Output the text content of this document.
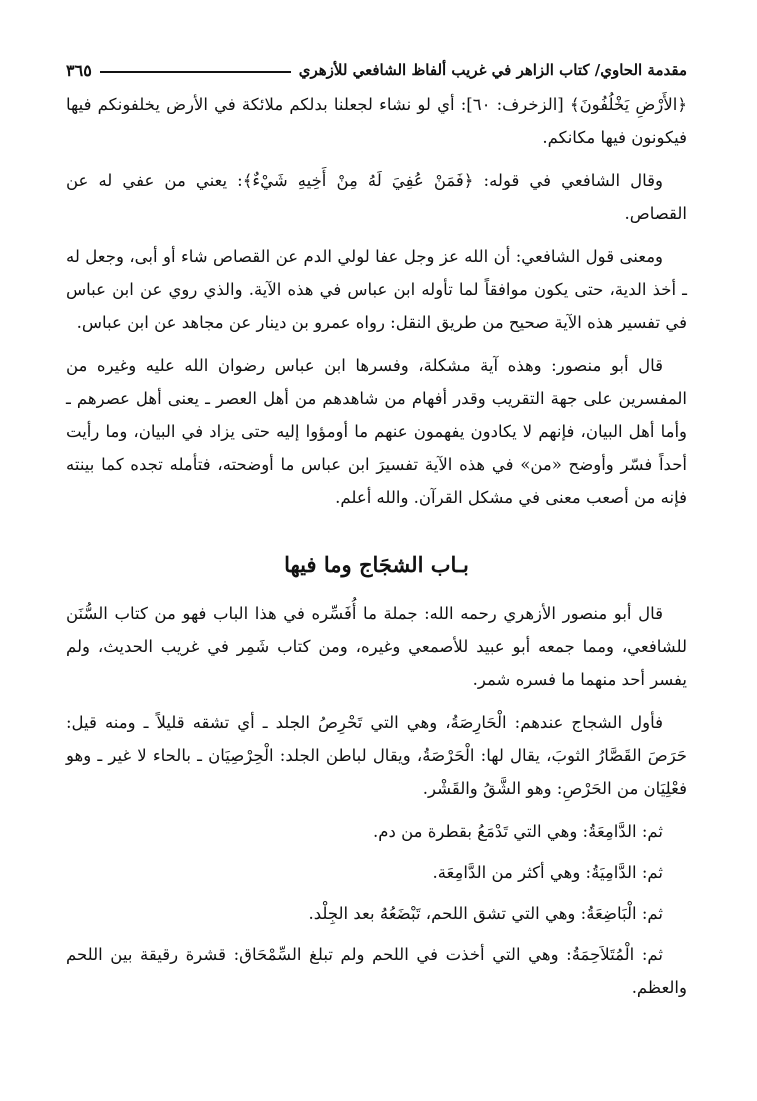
مقدمة الحاوي/ كتاب الزاهر في غريب ألفاظ الشافعي للأزهري
٣٦٥

﴿الأَرْضِ يَخْلُفُونَ﴾ [الزخرف: ٦٠]: أي لو نشاء لجعلنا بدلكم ملائكة في الأرض يخلفونكم فيها فيكونون فيها مكانكم.

وقال الشافعي في قوله: ﴿فَمَنْ عُفِيَ لَهُ مِنْ أَخِيهِ شَيْءٌ﴾: يعني من عفي له عن القصاص.

ومعنى قول الشافعي: أن الله عز وجل عفا لولي الدم عن القصاص شاء أو أبى، وجعل له ـ أخذ الدية، حتى يكون موافقاً لما تأوله ابن عباس في هذه الآية. والذي روي عن ابن عباس في تفسير هذه الآية صحيح من طريق النقل: رواه عمرو بن دينار عن مجاهد عن ابن عباس.

قال أبو منصور: وهذه آية مشكلة، وفسرها ابن عباس رضوان الله عليه وغيره من المفسرين على جهة التقريب وقدر أفهام من شاهدهم من أهل العصر ـ يعنى أهل عصرهم ـ وأما أهل البيان، فإنهم لا يكادون يفهمون عنهم ما أومؤوا إليه حتى يزاد في البيان، وما رأيت أحداً فسّر وأوضح «من» في هذه الآية تفسيرَ ابن عباس ما أوضحته، فتأمله تجده كما بينته فإنه من أصعب معنى في مشكل القرآن. والله أعلم.

بـاب الشجَاج وما فيها

قال أبو منصور الأزهري رحمه الله: جملة ما أُفَسِّره في هذا الباب فهو من كتاب السُّنَن للشافعي، ومما جمعه أبو عبيد للأصمعي وغيره، ومن كتاب شَمِر في غريب الحديث، ولم يفسر أحد منهما ما فسره شمر.

فأول الشجاج عندهم: الْحَارِصَةُ، وهي التي تَحْرِصُ الجلد ـ أي تشقه قليلاً ـ ومنه قيل: حَرَصَ القَصَّارُ الثوبَ، يقال لها: الْحَرْصَةُ، ويقال لباطن الجلد: الْحِرْصِيَان ـ بالحاء لا غير ـ وهو فعْلِيَان من الحَرْصِ: وهو الشَّقُ والقَشْر.

ثم: الدَّامِعَةُ: وهي التي تَدْمَعُ بقطرة من دم.

ثم: الدَّامِيَةُ: وهي أكثر من الدَّامِعَة.

ثم: الْبَاضِعَةُ: وهي التي تشق اللحم، تَبْضَعُهُ بعد الجِلْد.

ثم: الْمُتَلاَحِمَةُ: وهي التي أخذت في اللحم ولم تبلغ السِّمْحَاق: قشرة رقيقة بين اللحم والعظم.
